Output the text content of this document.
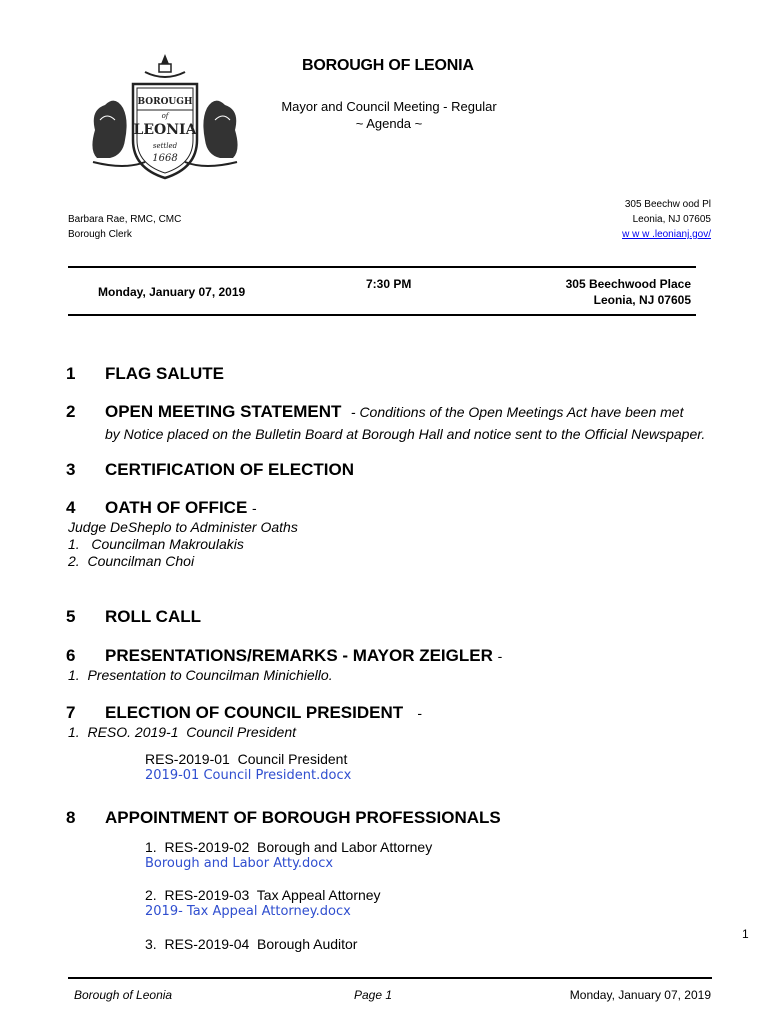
BOROUGH
of
LEONIA
settled
1668
BOROUGH OF LEONIA
Mayor and Council Meeting - Regular
~ Agenda ~
Barbara Rae, RMC, CMC
Borough Clerk
305 Beechw ood Pl
Leonia, NJ 07605
w w w .leonianj.gov/
Monday, January 07, 2019
7:30 PM	305 Beechwood Place
Leonia, NJ 07605
1 FLAG SALUTE
2 OPEN MEETING STATEMENT - Conditions of the Open Meetings Act have been met
by Notice placed on the Bulletin Board at Borough Hall and notice sent to the Official Newspaper.
3 CERTIFICATION OF ELECTION
4 OATH OF OFFICE -
Judge DeSheplo to Administer Oaths
1.   Councilman Makroulakis
2.  Councilman Choi
5 ROLL CALL
6 PRESENTATIONS/REMARKS - MAYOR ZEIGLER -
1.  Presentation to Councilman Minichiello.
7 ELECTION OF COUNCIL PRESIDENT -
1.  RESO. 2019-1  Council President
RES-2019-01  Council President
2019-01 Council President.docx
8 APPOINTMENT OF BOROUGH PROFESSIONALS
1.  RES-2019-02  Borough and Labor Attorney
Borough and Labor Atty.docx
2.  RES-2019-03  Tax Appeal Attorney
2019- Tax Appeal Attorney.docx
3.  RES-2019-04  Borough Auditor
1
Borough of Leonia	Page 1	Monday, January 07, 2019
